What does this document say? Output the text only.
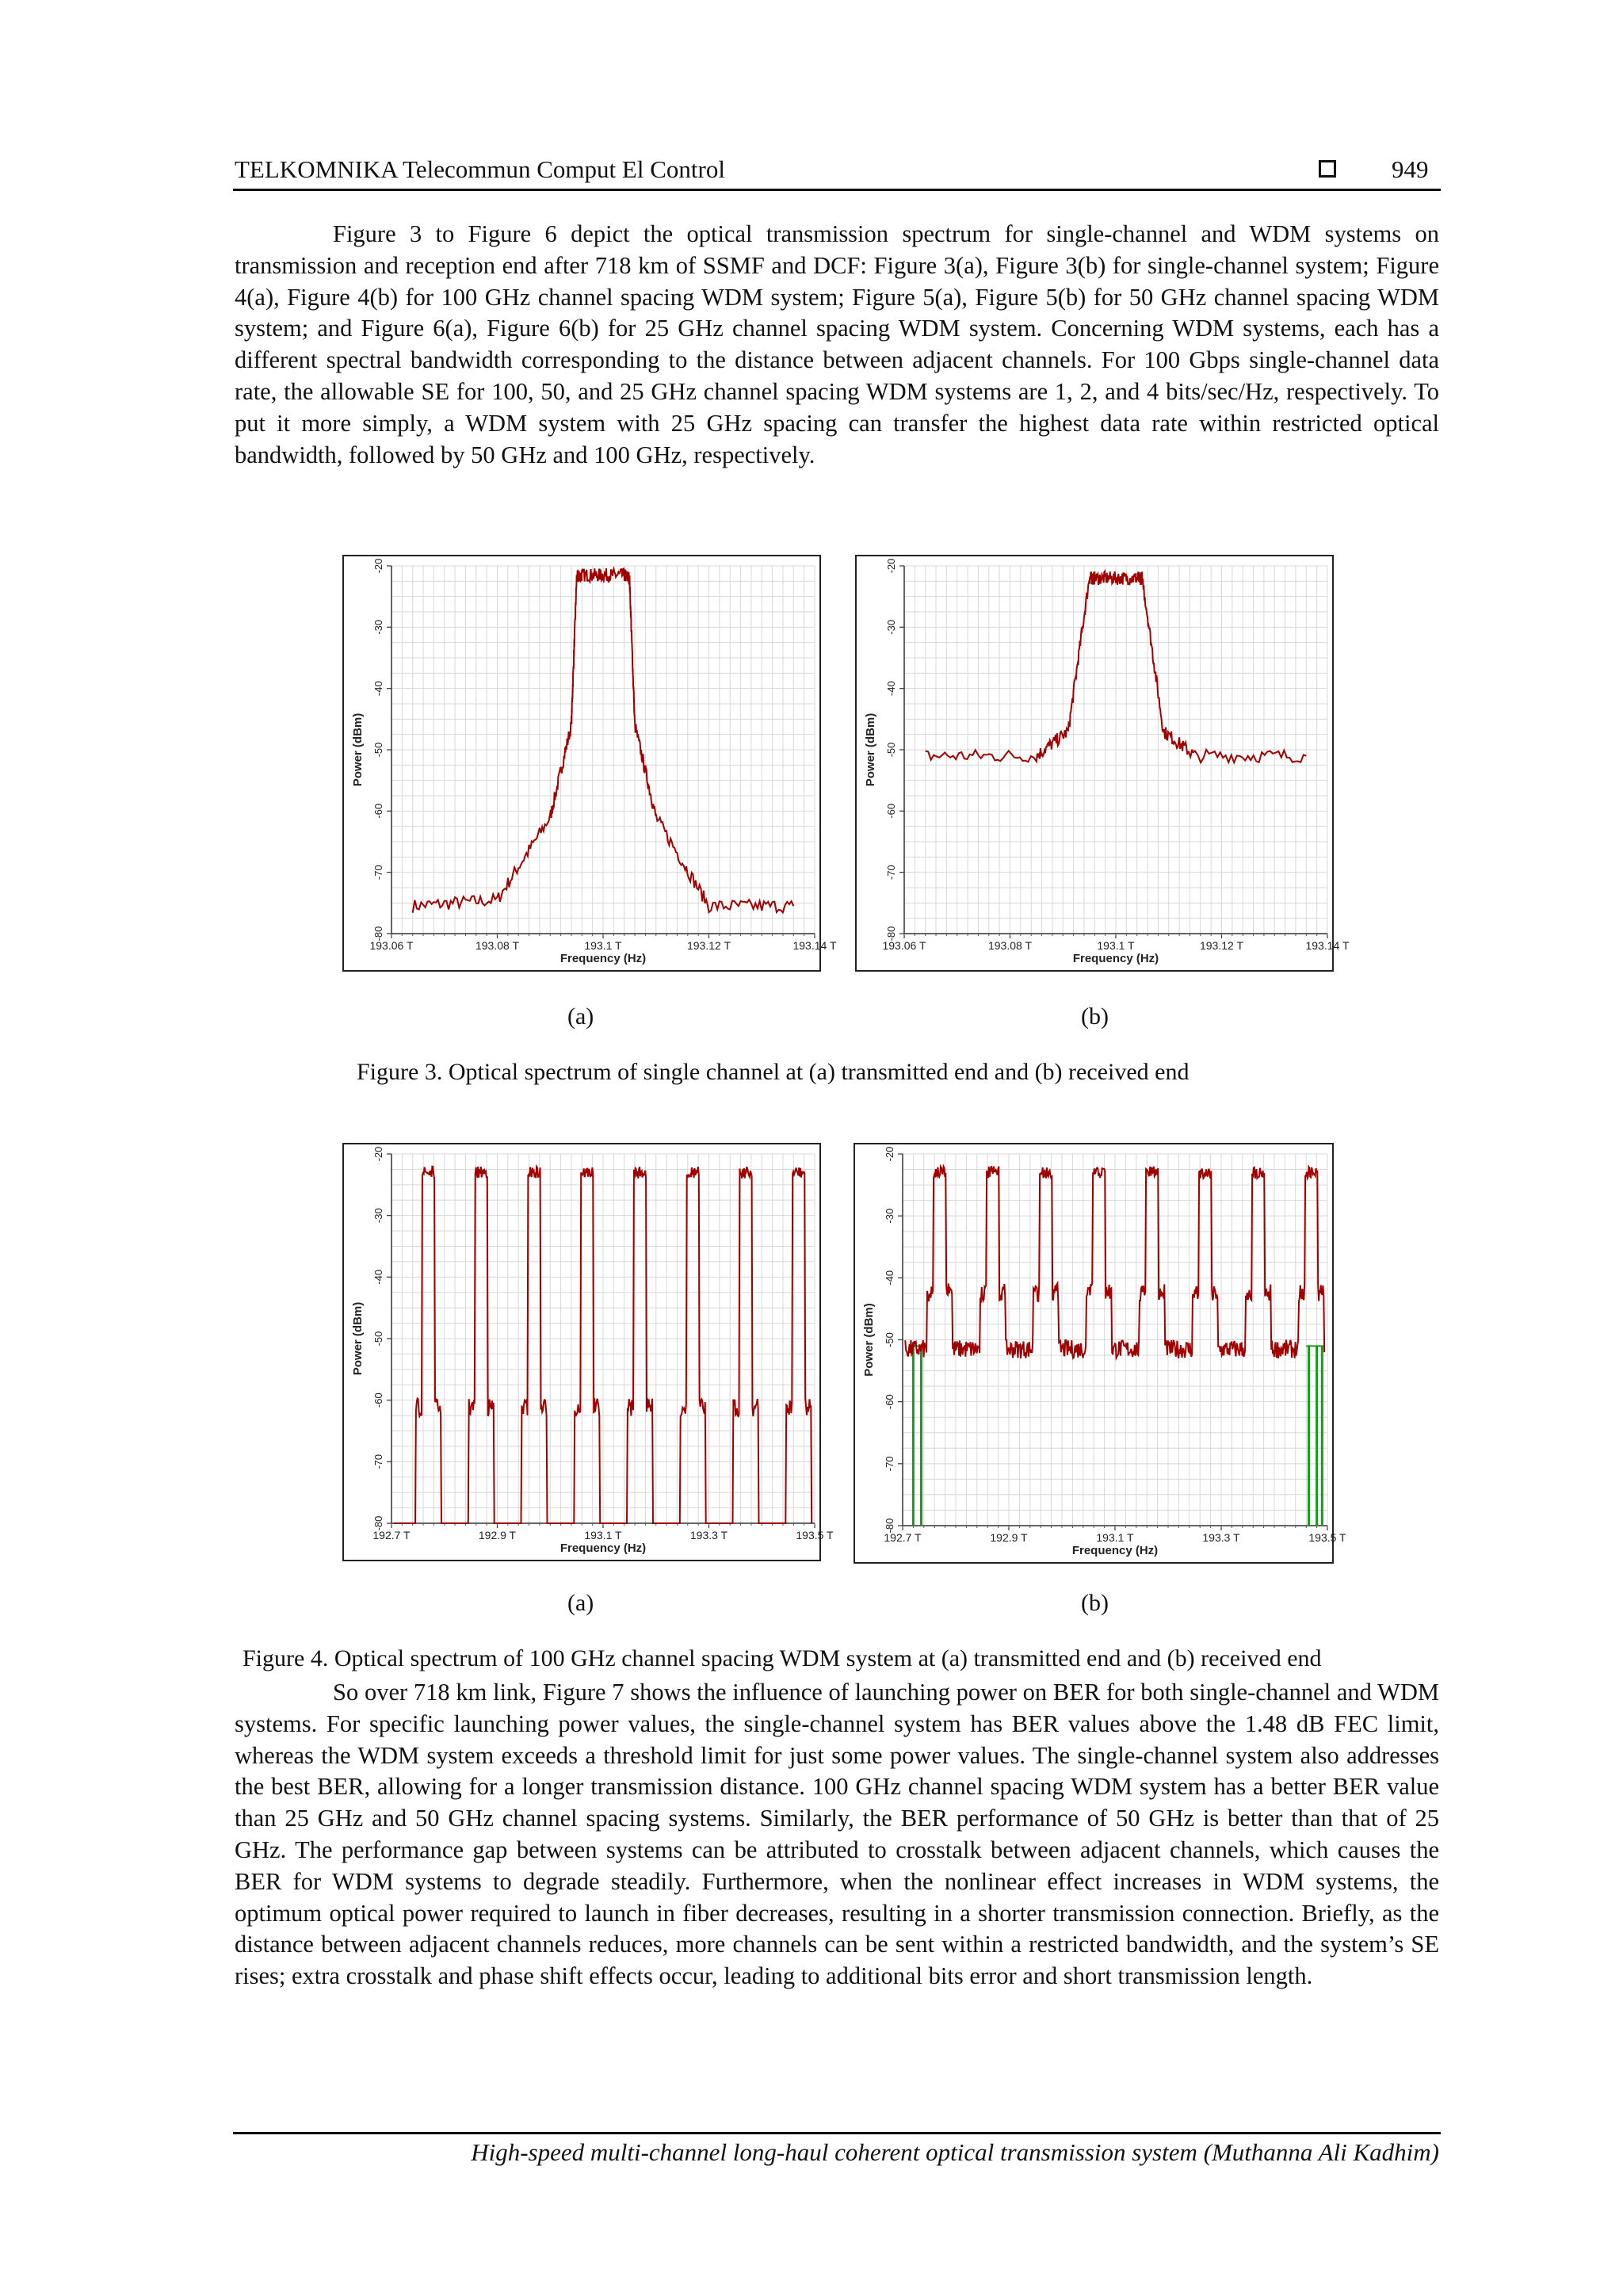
TELKOMNIKA Telecommun Comput El Control	949

Figure 3 to Figure 6 depict the optical transmission spectrum for single-channel and WDM systems on transmission and reception end after 718 km of SSMF and DCF: Figure 3(a), Figure 3(b) for single-channel system; Figure 4(a), Figure 4(b) for 100 GHz channel spacing WDM system; Figure 5(a), Figure 5(b) for 50 GHz channel spacing WDM system; and Figure 6(a), Figure 6(b) for 25 GHz channel spacing WDM system. Concerning WDM systems, each has a different spectral bandwidth corresponding to the distance between adjacent channels. For 100 Gbps single-channel data rate, the allowable SE for 100, 50, and 25 GHz channel spacing WDM systems are 1, 2, and 4 bits/sec/Hz, respectively. To put it more simply, a WDM system with 25 GHz spacing can transfer the highest data rate within restricted optical bandwidth, followed by 50 GHz and 100 GHz, respectively.

-20
-30
-40
-50
-60
-70
-80
193.06 T	193.08 T	193.1 T	193.12 T	193.14 T
Frequency (Hz)
Power (dBm)
-20
-30
-40
-50
-60
-70
-80
193.06 T	193.08 T	193.1 T	193.12 T	193.14 T
Frequency (Hz)
Power (dBm)
(a)	(b)
Figure 3. Optical spectrum of single channel at (a) transmitted end and (b) received end
-20
-30
-40
-50
-60
-70
-80
192.7 T	192.9 T	193.1 T	193.3 T	193.5 T
Frequency (Hz)
Power (dBm)
-20
-30
-40
-50
-60
-70
-80
192.7 T	192.9 T	193.1 T	193.3 T	193.5 T
Frequency (Hz)
Power (dBm)
(a)	(b)
Figure 4. Optical spectrum of 100 GHz channel spacing WDM system at (a) transmitted end and (b) received end

So over 718 km link, Figure 7 shows the influence of launching power on BER for both single-channel and WDM systems. For specific launching power values, the single-channel system has BER values above the 1.48 dB FEC limit, whereas the WDM system exceeds a threshold limit for just some power values. The single-channel system also addresses the best BER, allowing for a longer transmission distance. 100 GHz channel spacing WDM system has a better BER value than 25 GHz and 50 GHz channel spacing systems. Similarly, the BER performance of 50 GHz is better than that of 25 GHz. The performance gap between systems can be attributed to crosstalk between adjacent channels, which causes the BER for WDM systems to degrade steadily. Furthermore, when the nonlinear effect increases in WDM systems, the optimum optical power required to launch in fiber decreases, resulting in a shorter transmission connection. Briefly, as the distance between adjacent channels reduces, more channels can be sent within a restricted bandwidth, and the system’s SE rises; extra crosstalk and phase shift effects occur, leading to additional bits error and short transmission length.

High-speed multi-channel long-haul coherent optical transmission system (Muthanna Ali Kadhim)
